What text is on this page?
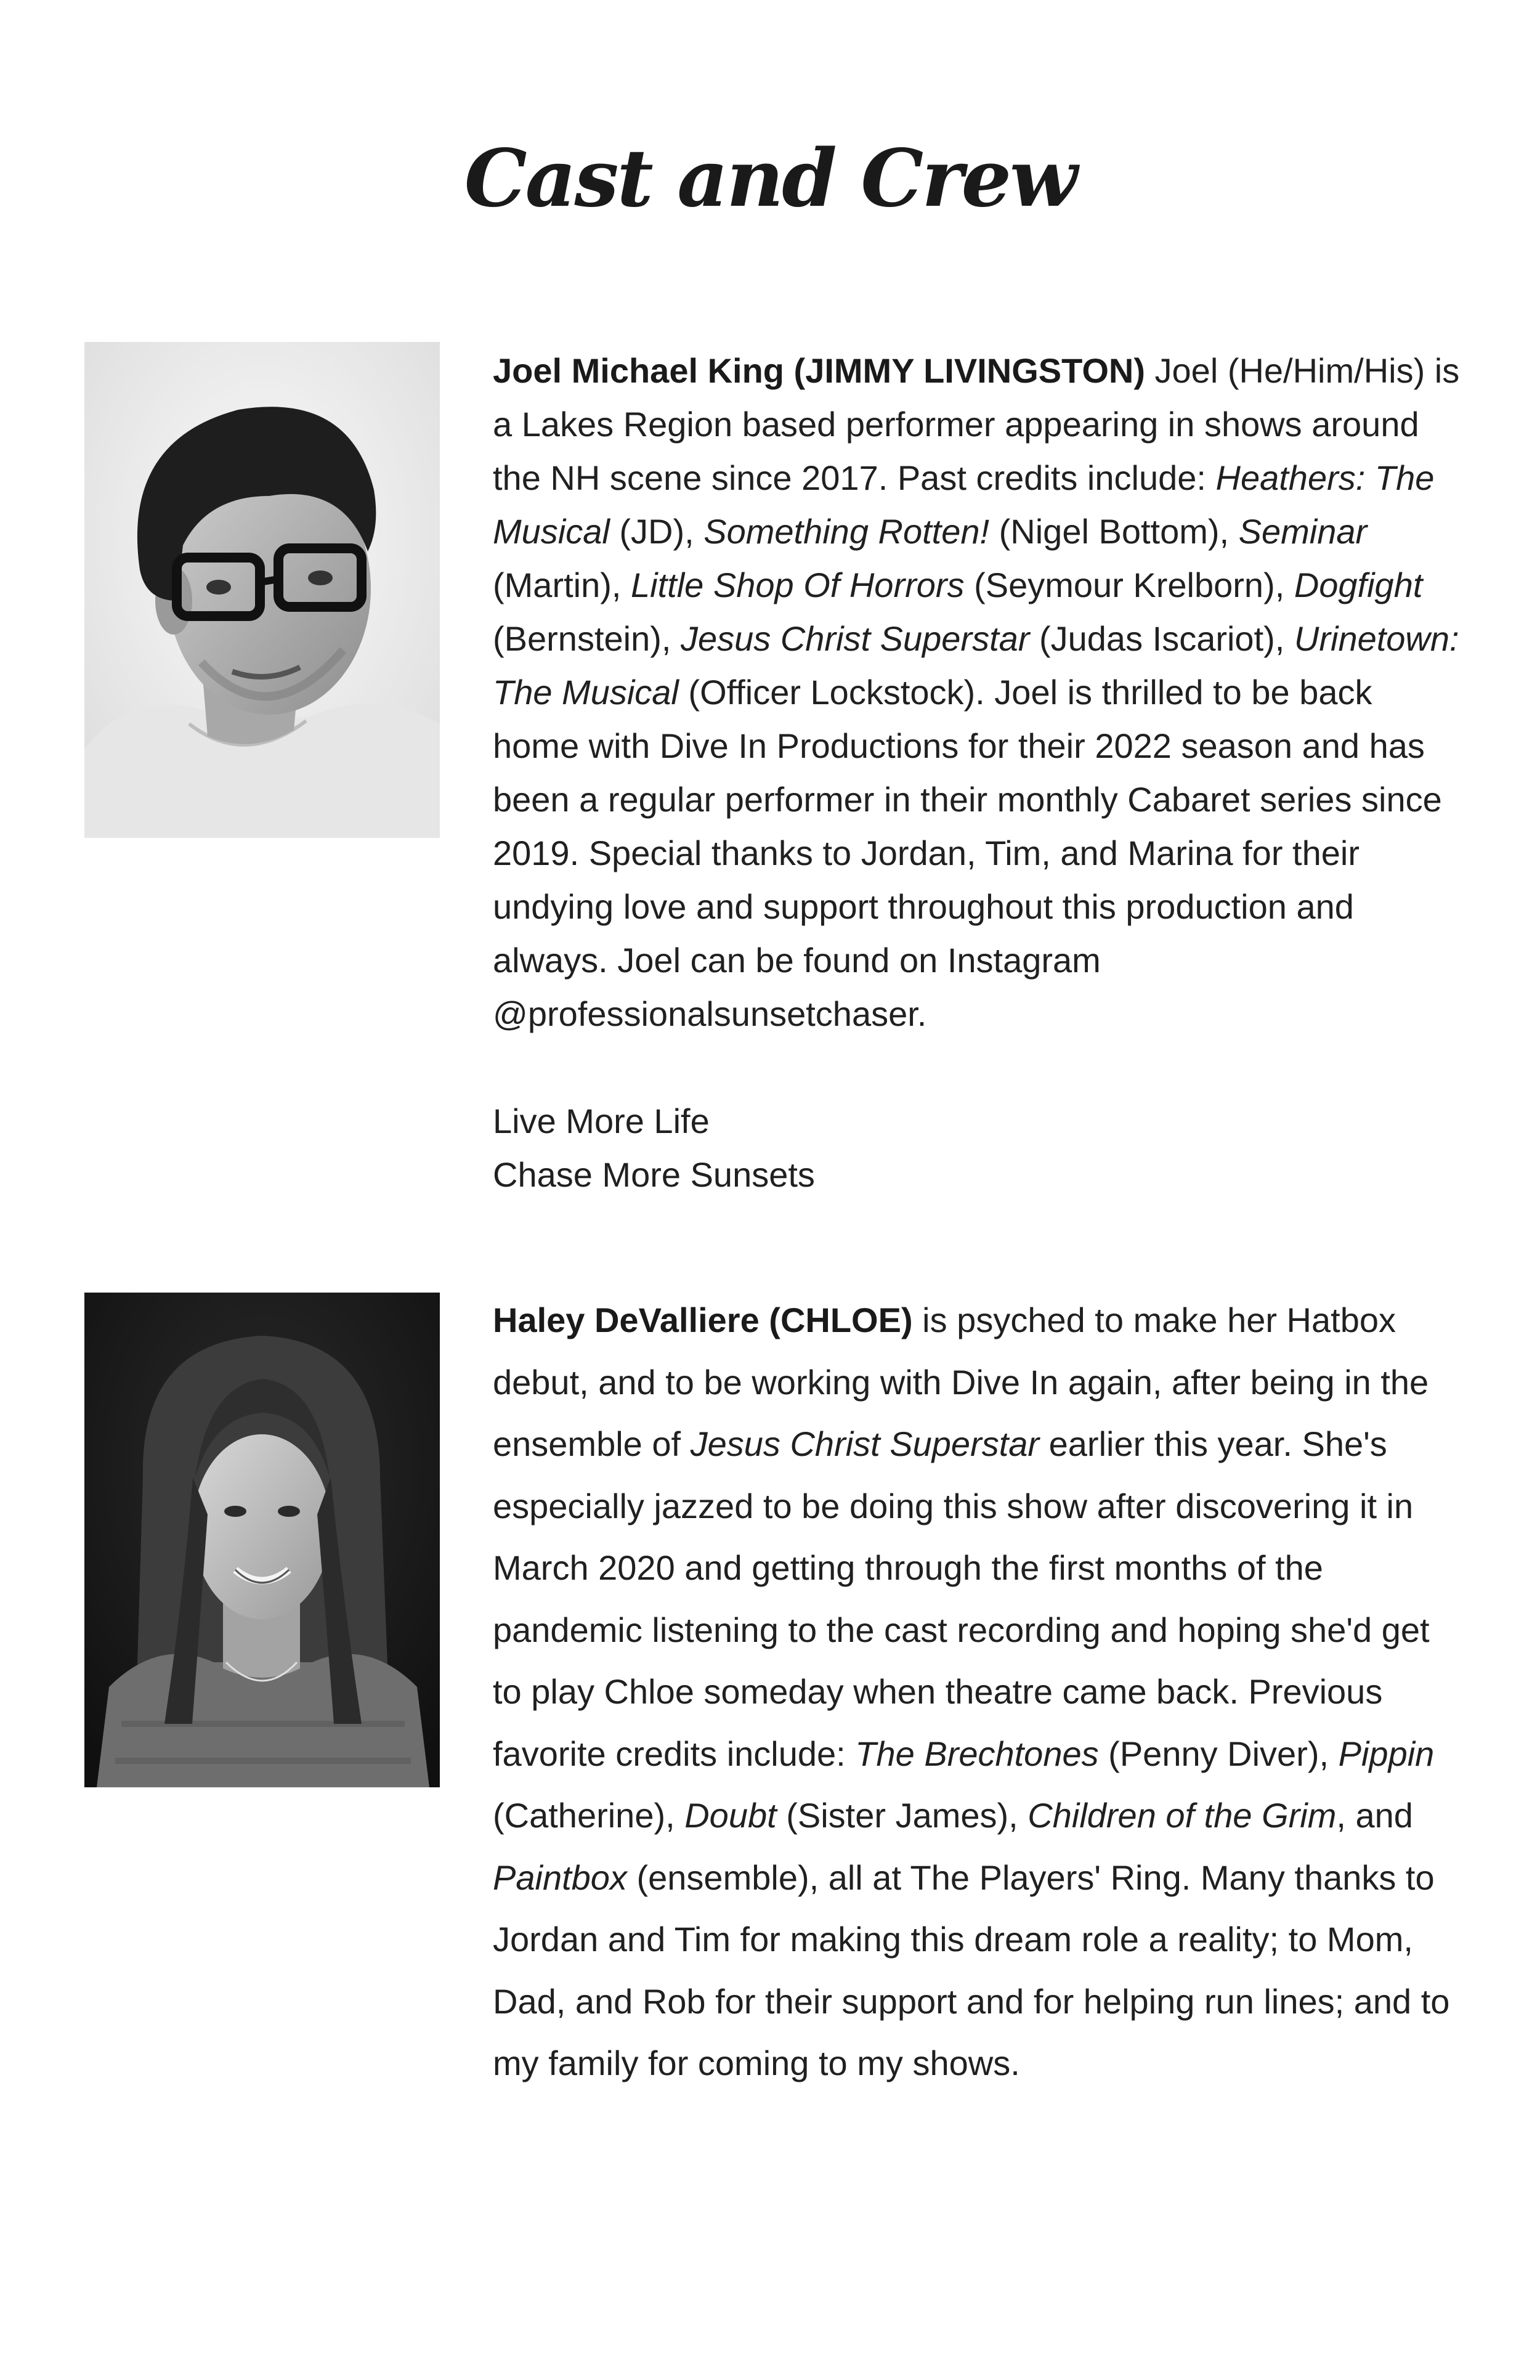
Cast and Crew

Joel Michael King (JIMMY LIVINGSTON) Joel (He/Him/His) is a Lakes Region based performer appearing in shows around the NH scene since 2017. Past credits include: Heathers: The Musical (JD), Something Rotten! (Nigel Bottom), Seminar (Martin), Little Shop Of Horrors (Seymour Krelborn), Dogfight (Bernstein), Jesus Christ Superstar (Judas Iscariot), Urinetown: The Musical (Officer Lockstock). Joel is thrilled to be back home with Dive In Productions for their 2022 season and has been a regular performer in their monthly Cabaret series since 2019. Special thanks to Jordan, Tim, and Marina for their undying love and support throughout this production and always. Joel can be found on Instagram @professionalsunsetchaser.

Live More Life
Chase More Sunsets

Haley DeValliere (CHLOE) is psyched to make her Hatbox debut, and to be working with Dive In again, after being in the ensemble of Jesus Christ Superstar earlier this year. She's especially jazzed to be doing this show after discovering it in March 2020 and getting through the first months of the pandemic listening to the cast recording and hoping she'd get to play Chloe someday when theatre came back. Previous favorite credits include: The Brechtones (Penny Diver), Pippin (Catherine), Doubt (Sister James), Children of the Grim, and Paintbox (ensemble), all at The Players' Ring. Many thanks to Jordan and Tim for making this dream role a reality; to Mom, Dad, and Rob for their support and for helping run lines; and to my family for coming to my shows.
